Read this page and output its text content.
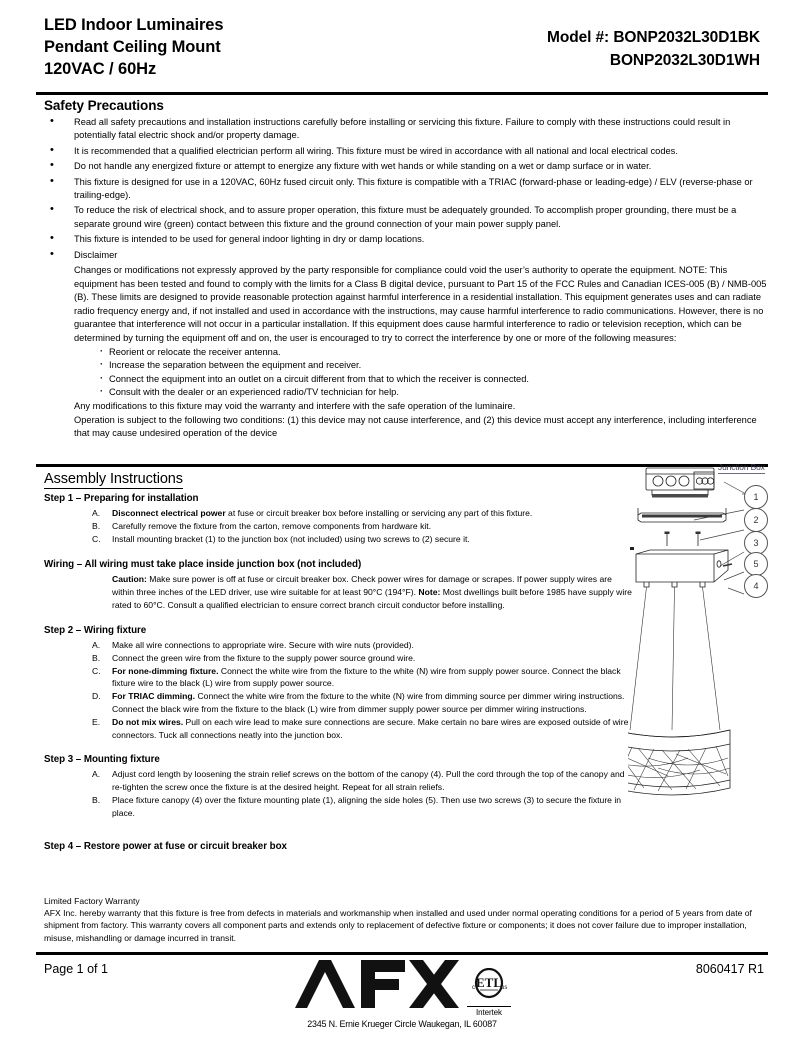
LED Indoor Luminaires
Pendant Ceiling Mount
120VAC / 60Hz
Model #: BONP2032L30D1BK
BONP2032L30D1WH
Safety Precautions
• Read all safety precautions and installation instructions carefully before installing or servicing this fixture. Failure to comply with these instructions could result in potentially fatal electric shock and/or property damage.
• It is recommended that a qualified electrician perform all wiring. This fixture must be wired in accordance with all national and local electrical codes.
• Do not handle any energized fixture or attempt to energize any fixture with wet hands or while standing on a wet or damp surface or in water.
• This fixture is designed for use in a 120VAC, 60Hz fused circuit only. This fixture is compatible with a TRIAC (forward-phase or leading-edge) / ELV (reverse-phase or trailing-edge).
• To reduce the risk of electrical shock, and to assure proper operation, this fixture must be adequately grounded. To accomplish proper grounding, there must be a separate ground wire (green) contact between this fixture and the ground connection of your main power supply panel.
• This fixture is intended to be used for general indoor lighting in dry or damp locations.
• Disclaimer

Changes or modifications not expressly approved by the party responsible for compliance could void the user’s authority to operate the equipment. NOTE: This equipment has been tested and found to comply with the limits for a Class B digital device, pursuant to Part 15 of the FCC Rules and Canadian ICES-005 (B) / NMB-005 (B). These limits are designed to provide reasonable protection against harmful interference in a residential installation. This equipment generates uses and can radiate radio frequency energy and, if not installed and used in accordance with the instructions, may cause harmful interference to radio communications. However, there is no guarantee that interference will not occur in a particular installation. If this equipment does cause harmful interference to radio or television reception, which can be determined by turning the equipment off and on, the user is encouraged to try to correct the interference by one or more of the following measures:

· Reorient or relocate the receiver antenna.
· Increase the separation between the equipment and receiver.
· Connect the equipment into an outlet on a circuit different from that to which the receiver is connected.
· Consult with the dealer or an experienced radio/TV technician for help.

Any modifications to this fixture may void the warranty and interfere with the safe operation of the luminaire.

Operation is subject to the following two conditions: (1) this device may not cause interference, and (2) this device must accept any interference, including interference that may cause undesired operation of the device

Assembly Instructions
Step 1 – Preparing for installation
A. Disconnect electrical power at fuse or circuit breaker box before installing or servicing any part of this fixture.
B. Carefully remove the fixture from the carton, remove components from hardware kit.
C. Install mounting bracket (1) to the junction box (not included) using two screws to (2) secure it.
Wiring – All wiring must take place inside junction box (not included)

Caution: Make sure power is off at fuse or circuit breaker box. Check power wires for damage or scrapes. If power supply wires are within three inches of the LED driver, use wire suitable for at least 90°C (194°F). Note: Most dwellings built before 1985 have supply wire rated to 60°C. Consult a qualified electrician to ensure correct branch circuit conductor before installing.

Step 2 – Wiring fixture
A. Make all wire connections to appropriate wire. Secure with wire nuts (provided).
B. Connect the green wire from the fixture to the supply power source ground wire.
C. For none-dimming fixture. Connect the white wire from the fixture to the white (N) wire from supply power source. Connect the black fixture wire to the black (L) wire from supply power source.
D. For TRIAC dimming. Connect the white wire from the fixture to the white (N) wire from dimming source per dimmer wiring instructions. Connect the black wire from the fixture to the black (L) wire from dimmer supply power source per dimmer wiring instructions.
E. Do not mix wires. Pull on each wire lead to make sure connections are secure. Make certain no bare wires are exposed outside of wire connectors. Tuck all connections neatly into the junction box.
Step 3 – Mounting fixture
A. Adjust cord length by loosening the strain relief screws on the bottom of the canopy (4). Pull the cord through the top of the canopy and re-tighten the screw once the fixture is at the desired height. Repeat for all strain reliefs.
B. Place fixture canopy (4) over the fixture mounting plate (1), aligning the side holes (5). Then use two screws (3) to secure the fixture in place.
Step 4 – Restore power at fuse or circuit breaker box
Junction Box
1
2
3
5
4

Limited Factory Warranty

AFX Inc. hereby warranty that this fixture is free from defects in materials and workmanship when installed and used under normal operating conditions for a period of 5 years from date of shipment from factory. This warranty covers all component parts and extends only to replacement of defective fixture or components; it does not cover failure due to improper installation, misuse, mishandling or damage incurred in transit.

Page 1 of 1	8060417 R1
ETL
c	us
Intertek
2345 N. Ernie Krueger Circle Waukegan, IL 60087
